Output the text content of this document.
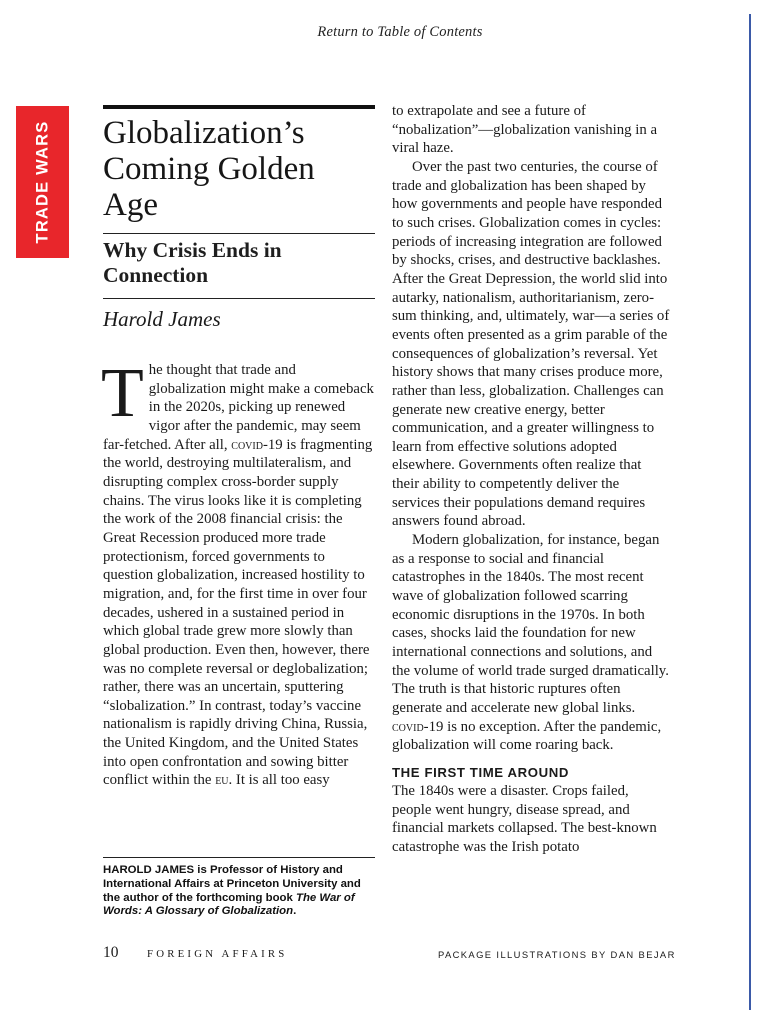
Return to Table of Contents
TRADE WARS Globalization’s Coming Golden Age
Why Crisis Ends in Connection
Harold James

The thought that trade and globalization might make a comeback in the 2020s, picking up renewed vigor after the pandemic, may seem far-fetched. After all, covid-19 is fragmenting the world, destroying multilateralism, and disrupting complex cross-border supply chains. The virus looks like it is completing the work of the 2008 financial crisis: the Great Recession produced more trade protectionism, forced governments to question globalization, increased hostility to migration, and, for the first time in over four decades, ushered in a sustained period in which global trade grew more slowly than global production. Even then, however, there was no complete reversal or deglobalization; rather, there was an uncertain, sputtering “slobalization.” In contrast, today’s vaccine nationalism is rapidly driving China, Russia, the United Kingdom, and the United States into open confrontation and sowing bitter conflict within the eu. It is all too easy

HAROLD JAMES is Professor of History and International Affairs at Princeton University and the author of the forthcoming book The War of Words: A Glossary of Globalization.

to extrapolate and see a future of “nobalization”—globalization vanishing in a viral haze.

Over the past two centuries, the course of trade and globalization has been shaped by how governments and people have responded to such crises. Globalization comes in cycles: periods of increasing integration are followed by shocks, crises, and destructive backlashes. After the Great Depression, the world slid into autarky, nationalism, authoritarianism, zero-sum thinking, and, ultimately, war—a series of events often presented as a grim parable of the consequences of globalization’s reversal. Yet history shows that many crises produce more, rather than less, globalization. Challenges can generate new creative energy, better communication, and a greater willingness to learn from effective solutions adopted elsewhere. Governments often realize that their ability to competently deliver the services their populations demand requires answers found abroad.

Modern globalization, for instance, began as a response to social and financial catastrophes in the 1840s. The most recent wave of globalization followed scarring economic disruptions in the 1970s. In both cases, shocks laid the foundation for new international connections and solutions, and the volume of world trade surged dramatically. The truth is that historic ruptures often generate and accelerate new global links. covid-19 is no exception. After the pandemic, globalization will come roaring back.

THE FIRST TIME AROUND

The 1840s were a disaster. Crops failed, people went hungry, disease spread, and financial markets collapsed. The best-known catastrophe was the Irish potato

10	FOREIGN AFFAIRS	PACKAGE ILLUSTRATIONS BY DAN BEJAR
